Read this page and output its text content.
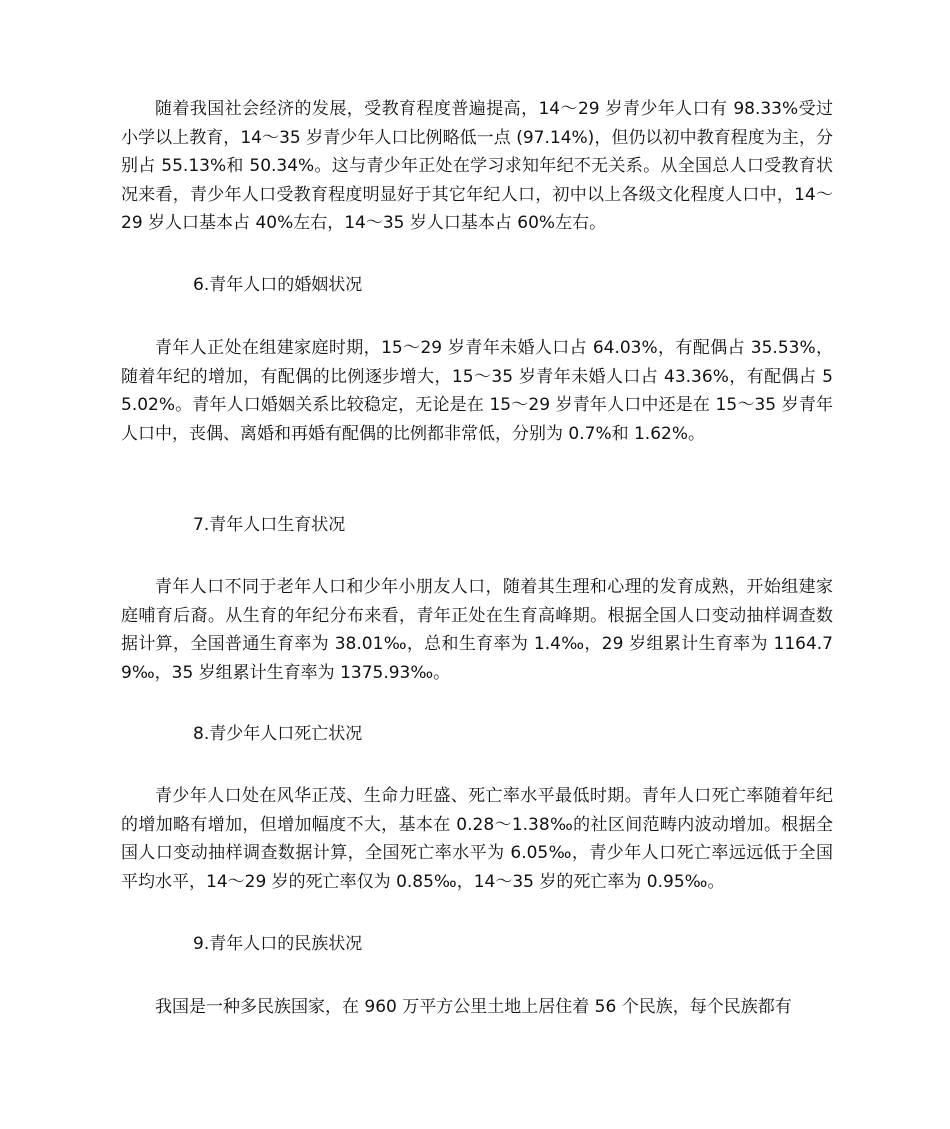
随着我国社会经济的发展，受教育程度普遍提高，14～29 岁青少年人口有 98.33%受过小学以上教育，14～35 岁青少年人口比例略低一点 (97.14%)，但仍以初中教育程度为主，分别占 55.13%和 50.34%。这与青少年正处在学习求知年纪不无关系。从全国总人口受教育状况来看，青少年人口受教育程度明显好于其它年纪人口，初中以上各级文化程度人口中，14～29 岁人口基本占 40%左右，14～35 岁人口基本占 60%左右。

6.青年人口的婚姻状况

青年人正处在组建家庭时期，15～29 岁青年未婚人口占 64.03%，有配偶占 35.53%，随着年纪的增加，有配偶的比例逐步增大，15～35 岁青年未婚人口占 43.36%，有配偶占 55.02%。青年人口婚姻关系比较稳定，无论是在 15～29 岁青年人口中还是在 15～35 岁青年人口中，丧偶、离婚和再婚有配偶的比例都非常低，分别为 0.7%和 1.62%。

7.青年人口生育状况

青年人口不同于老年人口和少年小朋友人口，随着其生理和心理的发育成熟，开始组建家庭哺育后裔。从生育的年纪分布来看，青年正处在生育高峰期。根据全国人口变动抽样调查数据计算，全国普通生育率为 38.01‰，总和生育率为 1.4‰，29 岁组累计生育率为 1164.79‰，35 岁组累计生育率为 1375.93‰。

8.青少年人口死亡状况

青少年人口处在风华正茂、生命力旺盛、死亡率水平最低时期。青年人口死亡率随着年纪的增加略有增加，但增加幅度不大，基本在 0.28～1.38‰的社区间范畴内波动增加。根据全国人口变动抽样调查数据计算，全国死亡率水平为 6.05‰，青少年人口死亡率远远低于全国平均水平，14～29 岁的死亡率仅为 0.85‰，14～35 岁的死亡率为 0.95‰。

9.青年人口的民族状况

我国是一种多民族国家，在 960 万平方公里土地上居住着 56 个民族，每个民族都有
